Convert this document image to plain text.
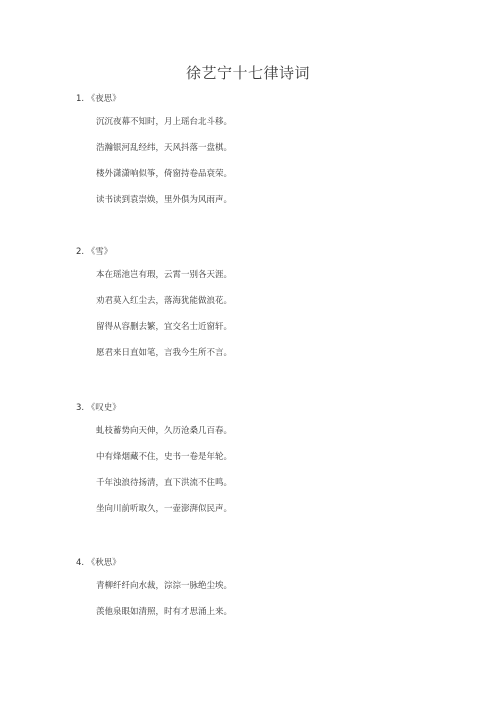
徐艺宁十七律诗词
1. 《夜思》
沉沉夜幕不知时，月上瑶台北斗移。
浩瀚银河乱经纬，天风抖落一盘棋。
楼外潇潇响似筝，倚窗持卷品衰荣。
读书读到袁崇焕，里外俱为风雨声。
2. 《雪》
本在瑶池岂有瑕，云霄一别各天涯。
劝君莫入红尘去，落海犹能做浪花。
留得从容删去繁，宜交名士近窗轩。
愿君来日直如笔，言我今生所不言。
3. 《叹史》
虬枝蓄势向天伸，久历沧桑几百春。
中有烽烟藏不住，史书一卷是年轮。
千年浊浪待扬清，直下洪流不住鸣。
坐向川前听取久，一壶澎湃似民声。
4. 《秋思》
青柳纤纤向水裁，淙淙一脉绝尘埃。
羡他泉眼如清照，时有才思涌上来。
